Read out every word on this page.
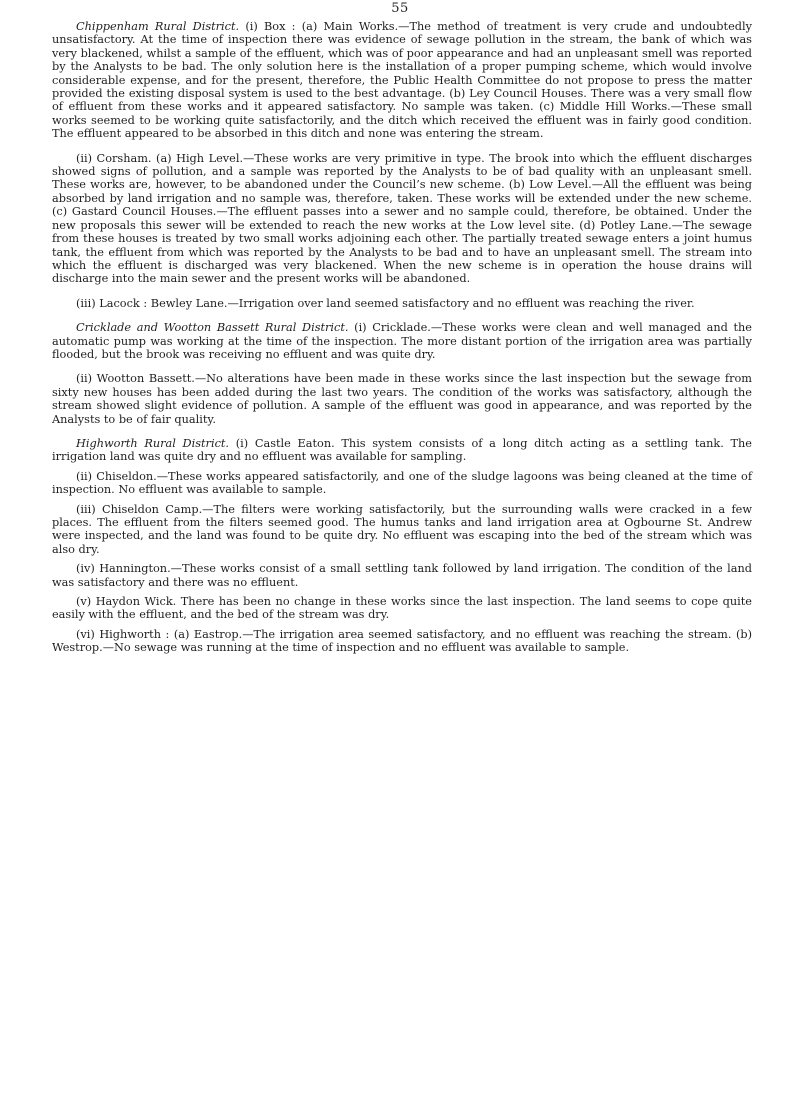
55

Chippenham Rural District. (i) Box : (a) Main Works.—The method of treatment is very crude and undoubtedly unsatisfactory. At the time of inspection there was evidence of sewage pollution in the stream, the bank of which was very blackened, whilst a sample of the effluent, which was of poor appearance and had an unpleasant smell was reported by the Analysts to be bad. The only solution here is the installation of a proper pumping scheme, which would involve considerable expense, and for the present, therefore, the Public Health Committee do not propose to press the matter provided the existing disposal system is used to the best advantage. (b) Ley Council Houses. There was a very small flow of effluent from these works and it appeared satisfactory. No sample was taken. (c) Middle Hill Works.—These small works seemed to be working quite satisfactorily, and the ditch which received the effluent was in fairly good condition. The effluent appeared to be absorbed in this ditch and none was entering the stream.

(ii) Corsham. (a) High Level.—These works are very primitive in type. The brook into which the effluent discharges showed signs of pollution, and a sample was reported by the Analysts to be of bad quality with an unpleasant smell. These works are, however, to be abandoned under the Council’s new scheme. (b) Low Level.—All the effluent was being absorbed by land irrigation and no sample was, therefore, taken. These works will be extended under the new scheme. (c) Gastard Council Houses.—The effluent passes into a sewer and no sample could, therefore, be obtained. Under the new proposals this sewer will be extended to reach the new works at the Low level site. (d) Potley Lane.—The sewage from these houses is treated by two small works adjoining each other. The partially treated sewage enters a joint humus tank, the effluent from which was reported by the Analysts to be bad and to have an unpleasant smell. The stream into which the effluent is discharged was very blackened. When the new scheme is in operation the house drains will discharge into the main sewer and the present works will be abandoned.

(iii) Lacock : Bewley Lane.—Irrigation over land seemed satisfactory and no effluent was reaching the river.

Cricklade and Wootton Bassett Rural District. (i) Cricklade.—These works were clean and well managed and the automatic pump was working at the time of the inspection. The more distant portion of the irrigation area was partially flooded, but the brook was receiving no effluent and was quite dry.

(ii) Wootton Bassett.—No alterations have been made in these works since the last inspection but the sewage from sixty new houses has been added during the last two years. The condition of the works was satisfactory, although the stream showed slight evidence of pollution. A sample of the effluent was good in appearance, and was reported by the Analysts to be of fair quality.

Highworth Rural District. (i) Castle Eaton. This system consists of a long ditch acting as a settling tank. The irrigation land was quite dry and no effluent was available for sampling.

(ii) Chiseldon.—These works appeared satisfactorily, and one of the sludge lagoons was being cleaned at the time of inspection. No effluent was available to sample.

(iii) Chiseldon Camp.—The filters were working satisfactorily, but the surrounding walls were cracked in a few places. The effluent from the filters seemed good. The humus tanks and land irrigation area at Ogbourne St. Andrew were inspected, and the land was found to be quite dry. No effluent was escaping into the bed of the stream which was also dry.

(iv) Hannington.—These works consist of a small settling tank followed by land irrigation. The condition of the land was satisfactory and there was no effluent.

(v) Haydon Wick. There has been no change in these works since the last inspection. The land seems to cope quite easily with the effluent, and the bed of the stream was dry.

(vi) Highworth : (a) Eastrop.—The irrigation area seemed satisfactory, and no effluent was reaching the stream. (b) Westrop.—No sewage was running at the time of inspection and no effluent was available to sample.
